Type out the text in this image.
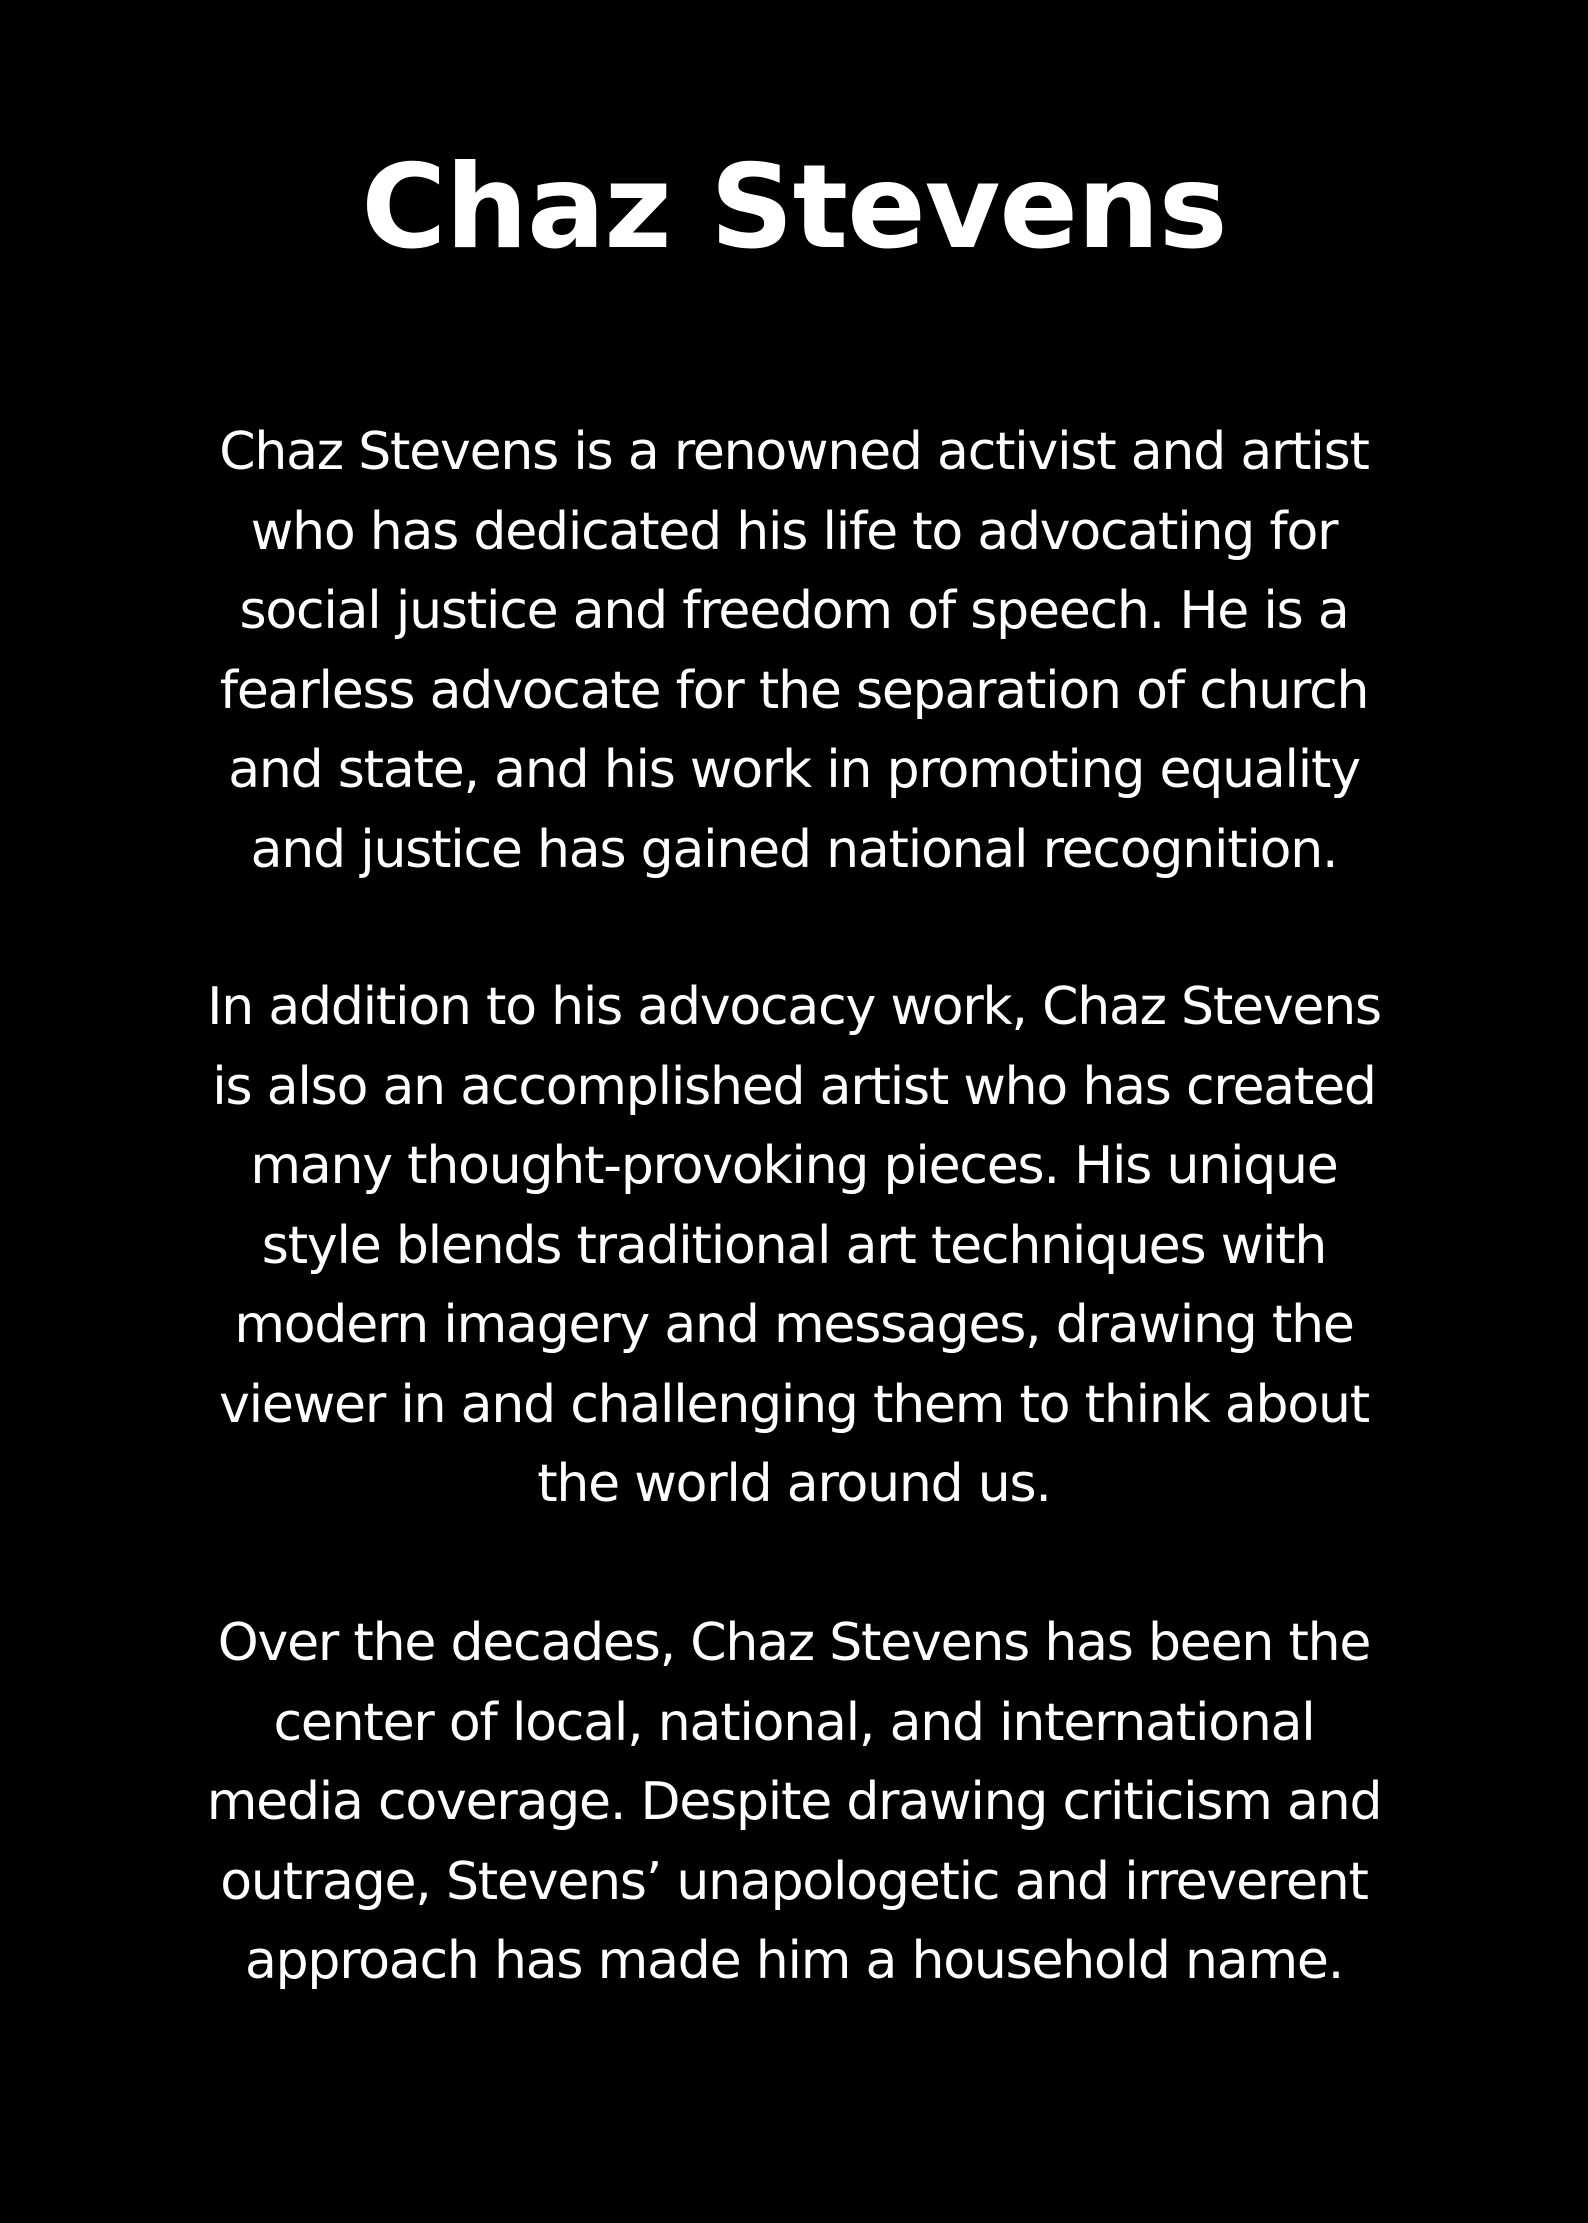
Chaz Stevens

Chaz Stevens is a renowned activist and artist
who has dedicated his life to advocating for
social justice and freedom of speech. He is a
fearless advocate for the separation of church
and state, and his work in promoting equality
and justice has gained national recognition.

In addition to his advocacy work, Chaz Stevens
is also an accomplished artist who has created
many thought-provoking pieces. His unique
style blends traditional art techniques with
modern imagery and messages, drawing the
viewer in and challenging them to think about
the world around us.

Over the decades, Chaz Stevens has been the
center of local, national, and international
media coverage. Despite drawing criticism and
outrage, Stevens’ unapologetic and irreverent
approach has made him a household name.
